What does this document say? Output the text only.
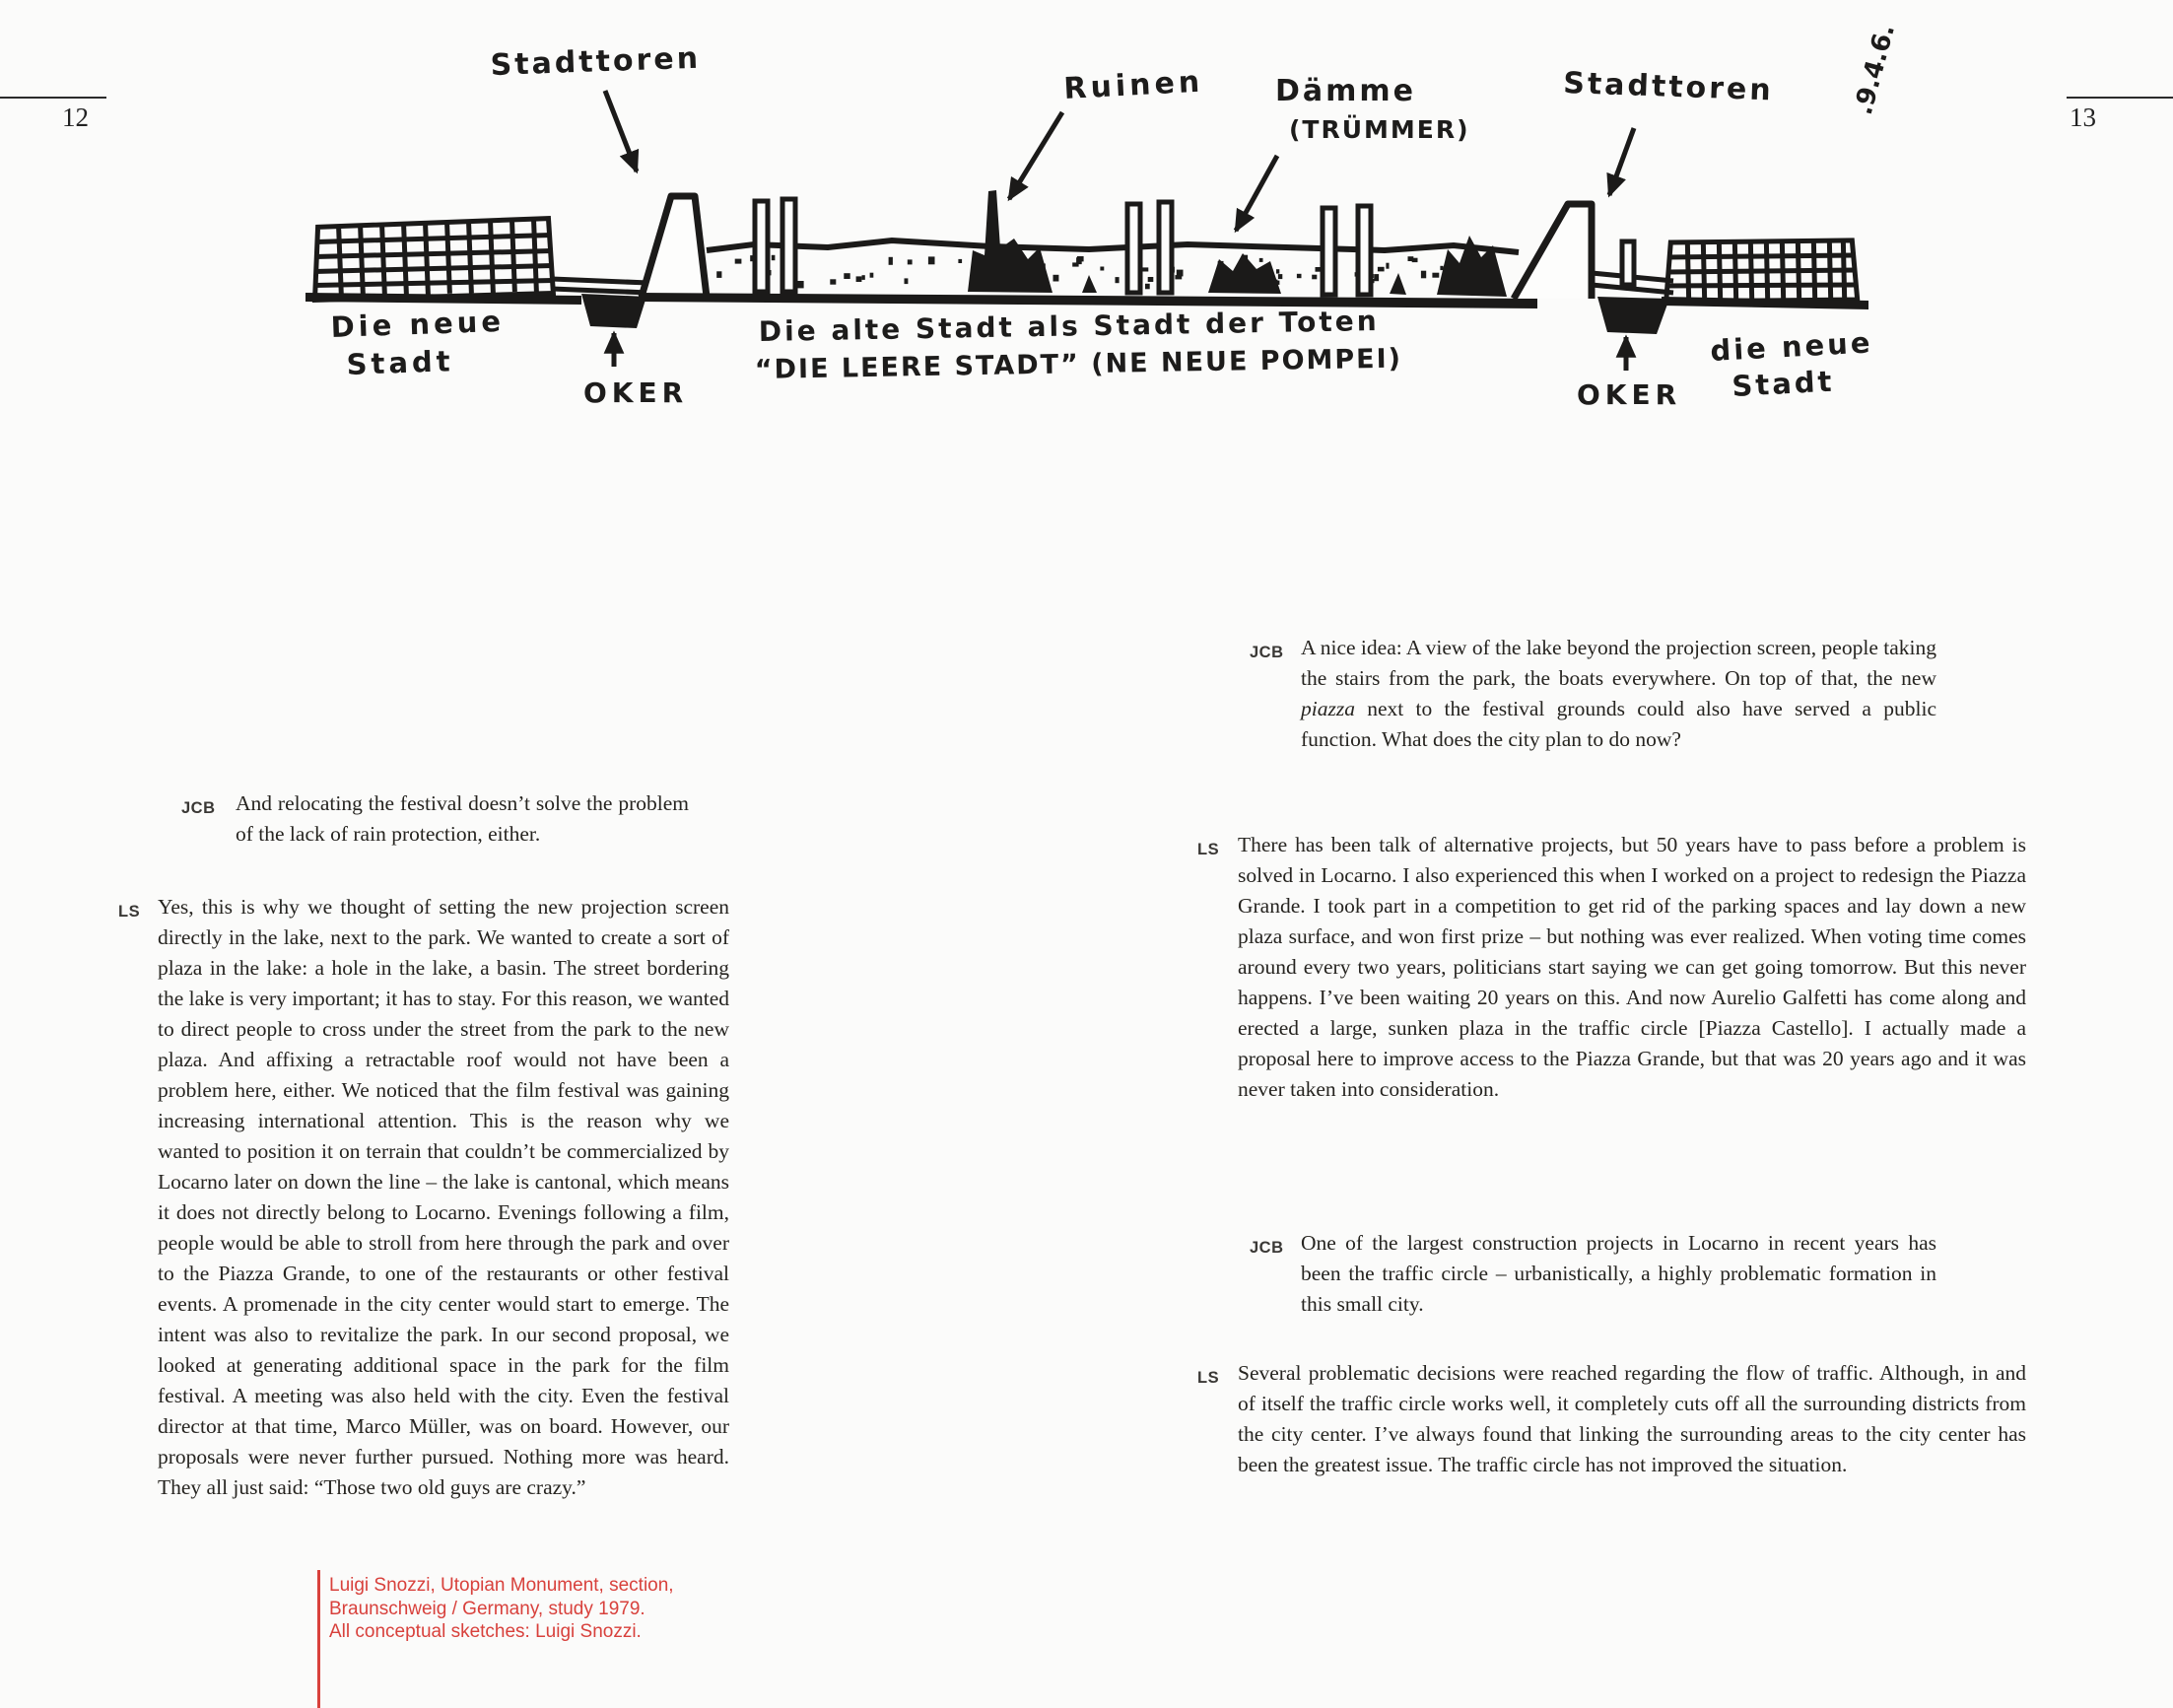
12	13
Stadttoren
Ruinen Dämme
(TRÜMMER)
Stadttoren	.9.4.6.
Die neue
Stadt
OKER
Die alte Stadt als Stadt der Toten
“DIE LEERE STADT” (NE NEUE POMPEI)
OKER
die neue
Stadt
JCB And relocating the festival doesn’t solve the problem of the lack of rain protection, either.
LS Yes, this is why we thought of setting the new projection screen directly in the lake, next to the park. We wanted to create a sort of plaza in the lake: a hole in the lake, a basin. The street bordering the lake is very important; it has to stay. For this reason, we wanted to direct people to cross under the street from the park to the new plaza. And affixing a retractable roof would not have been a problem here, either. We noticed that the film festival was gaining increasing international attention. This is the reason why we wanted to position it on terrain that couldn’t be commercialized by Locarno later on down the line – the lake is cantonal, which means it does not directly belong to Locarno. Evenings following a film, people would be able to stroll from here through the park and over to the Piazza Grande, to one of the restaurants or other festival events. A promenade in the city center would start to emerge. The intent was also to revitalize the park. In our second proposal, we looked at generating additional space in the park for the film festival. A meeting was also held with the city. Even the festival director at that time, Marco Müller, was on board. However, our proposals were never further pursued. Nothing more was heard. They all just said: “Those two old guys are crazy.”
Luigi Snozzi, Utopian Monument, section,
Braunschweig / Germany, study 1979.
All conceptual sketches: Luigi Snozzi.
JCB A nice idea: A view of the lake beyond the projection screen, people taking the stairs from the park, the boats everywhere. On top of that, the new piazza next to the festival grounds could also have served a public function. What does the city plan to do now?
LS There has been talk of alternative projects, but 50 years have to pass before a problem is solved in Locarno. I also experienced this when I worked on a project to redesign the Piazza Grande. I took part in a competition to get rid of the parking spaces and lay down a new plaza surface, and won first prize – but nothing was ever realized. When voting time comes around every two years, politicians start saying we can get going tomorrow. But this never happens. I’ve been waiting 20 years on this. And now Aurelio Galfetti has come along and erected a large, sunken plaza in the traffic circle [Piazza Castello]. I actually made a proposal here to improve access to the Piazza Grande, but that was 20 years ago and it was never taken into consideration.
JCB One of the largest construction projects in Locarno in recent years has been the traffic circle – urbanistically, a highly problematic formation in this small city.
LS Several problematic decisions were reached regarding the flow of traffic. Although, in and of itself the traffic circle works well, it completely cuts off all the surrounding districts from the city center. I’ve always found that linking the surrounding areas to the city center has been the greatest issue. The traffic circle has not improved the situation.
